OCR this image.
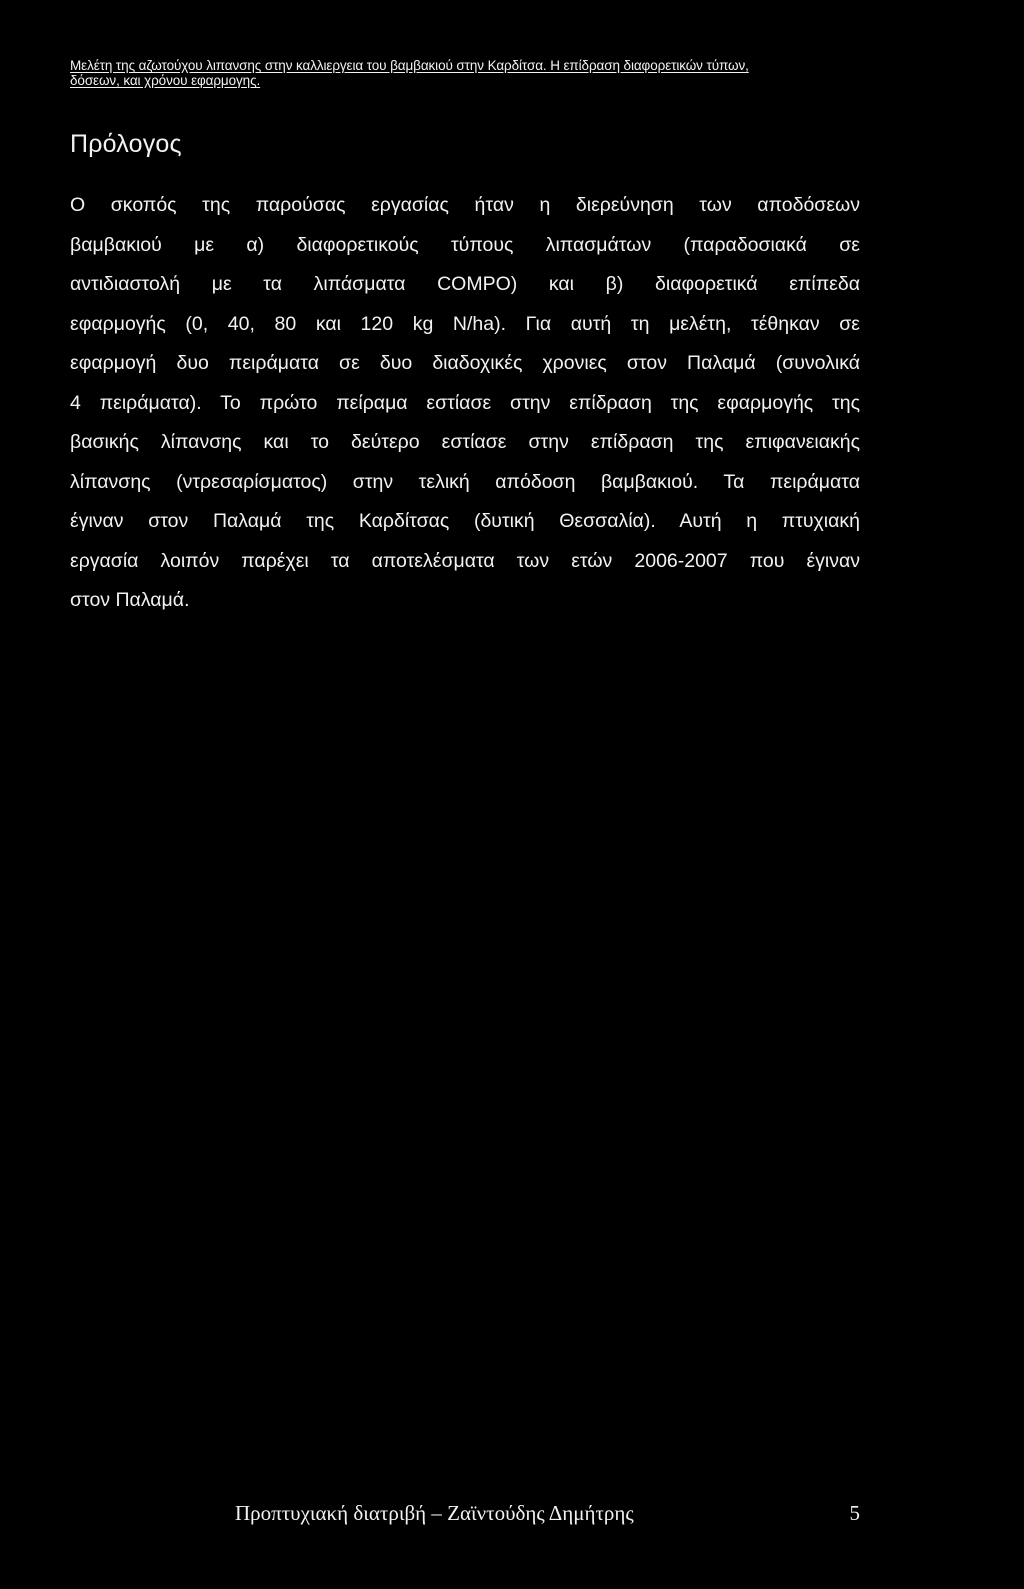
Μελέτη της αζωτούχου λιπανσης στην καλλιεργεια του βαμβακιού στην Καρδίτσα. Η επίδραση διαφορετικών τύπων,
δόσεων, και χρόνου εφαρμογης.
Πρόλογος

Ο σκοπός της παρούσας εργασίας ήταν η διερεύνηση των αποδόσεων
βαμβακιού με α) διαφορετικούς τύπους λιπασμάτων (παραδοσιακά σε
αντιδιαστολή με τα λιπάσματα COMPO) και β) διαφορετικά επίπεδα
εφαρμογής (0, 40, 80 και 120 kg N/ha). Για αυτή τη μελέτη, τέθηκαν σε
εφαρμογή δυο πειράματα σε δυο διαδοχικές χρονιες στον Παλαμά (συνολικά
4 πειράματα). Το πρώτο πείραμα εστίασε στην επίδραση της εφαρμογής της
βασικής λίπανσης και το δεύτερο εστίασε στην επίδραση της επιφανειακής
λίπανσης (ντρεσαρίσματος) στην τελική απόδοση βαμβακιού. Τα πειράματα
έγιναν στον Παλαμά της Καρδίτσας (δυτική Θεσσαλία). Αυτή η πτυχιακή
εργασία λοιπόν παρέχει τα αποτελέσματα των ετών 2006-2007 που έγιναν
στον Παλαμά.

Προπτυχιακή διατριβή – Ζαϊντούδης Δημήτρης	5
